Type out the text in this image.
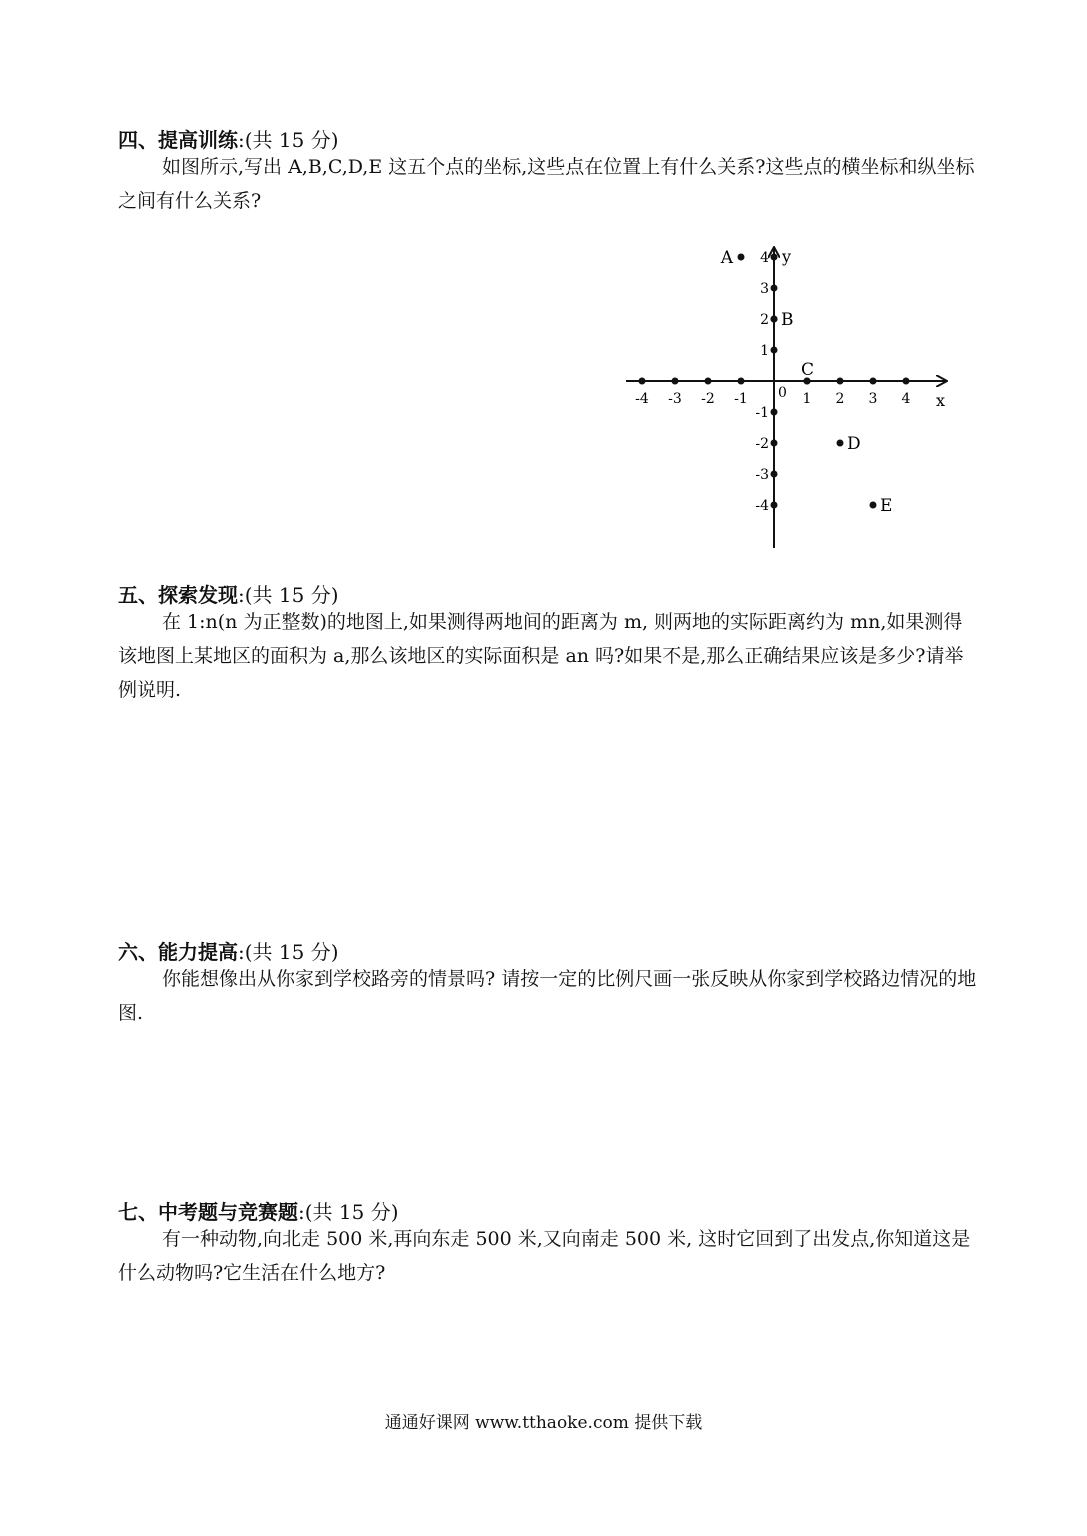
四、提高训练:(共 15 分)
如图所示,写出 A,B,C,D,E 这五个点的坐标,这些点在位置上有什么关系?这些点的横坐标和纵坐标之间有什么关系?
-4 -3 -2 -1	1 2 3 4
-4
-3
-2
-1
1
2
3
4
A
B
C
D
E
x
y
0
五、探索发现:(共 15 分)
在 1:n(n 为正整数)的地图上,如果测得两地间的距离为 m, 则两地的实际距离约为 mn,如果测得该地图上某地区的面积为 a,那么该地区的实际面积是 an 吗?如果不是,那么正确结果应该是多少?请举例说明.
六、能力提高:(共 15 分)
你能想像出从你家到学校路旁的情景吗? 请按一定的比例尺画一张反映从你家到学校路边情况的地图.
七、中考题与竞赛题:(共 15 分)
有一种动物,向北走 500 米,再向东走 500 米,又向南走 500 米, 这时它回到了出发点,你知道这是什么动物吗?它生活在什么地方?
通通好课网 www.tthaoke.com 提供下载
